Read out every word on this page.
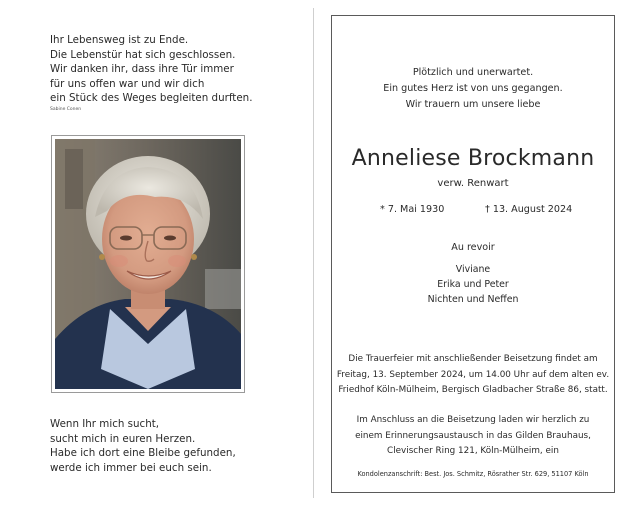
Ihr Lebensweg ist zu Ende.
Die Lebenstür hat sich geschlossen.
Wir danken ihr, dass ihre Tür immer
für uns offen war und wir dich
ein Stück des Weges begleiten durften.
Sabine Conen
Wenn Ihr mich sucht,
sucht mich in euren Herzen.
Habe ich dort eine Bleibe gefunden,
werde ich immer bei euch sein.
Plötzlich und unerwartet.
Ein gutes Herz ist von uns gegangen.
Wir trauern um unsere liebe
Anneliese Brockmann
verw. Renwart
* 7. Mai 1930	† 13. August 2024
Au revoir
Viviane
Erika und Peter
Nichten und Neffen
Die Trauerfeier mit anschließender Beisetzung findet am
Freitag, 13. September 2024, um 14.00 Uhr auf dem alten ev.
Friedhof Köln-Mülheim, Bergisch Gladbacher Straße 86, statt.
Im Anschluss an die Beisetzung laden wir herzlich zu
einem Erinnerungsaustausch in das Gilden Brauhaus,
Clevischer Ring 121, Köln-Mülheim, ein
Kondolenzanschrift: Best. Jos. Schmitz, Rösrather Str. 629, 51107 Köln
